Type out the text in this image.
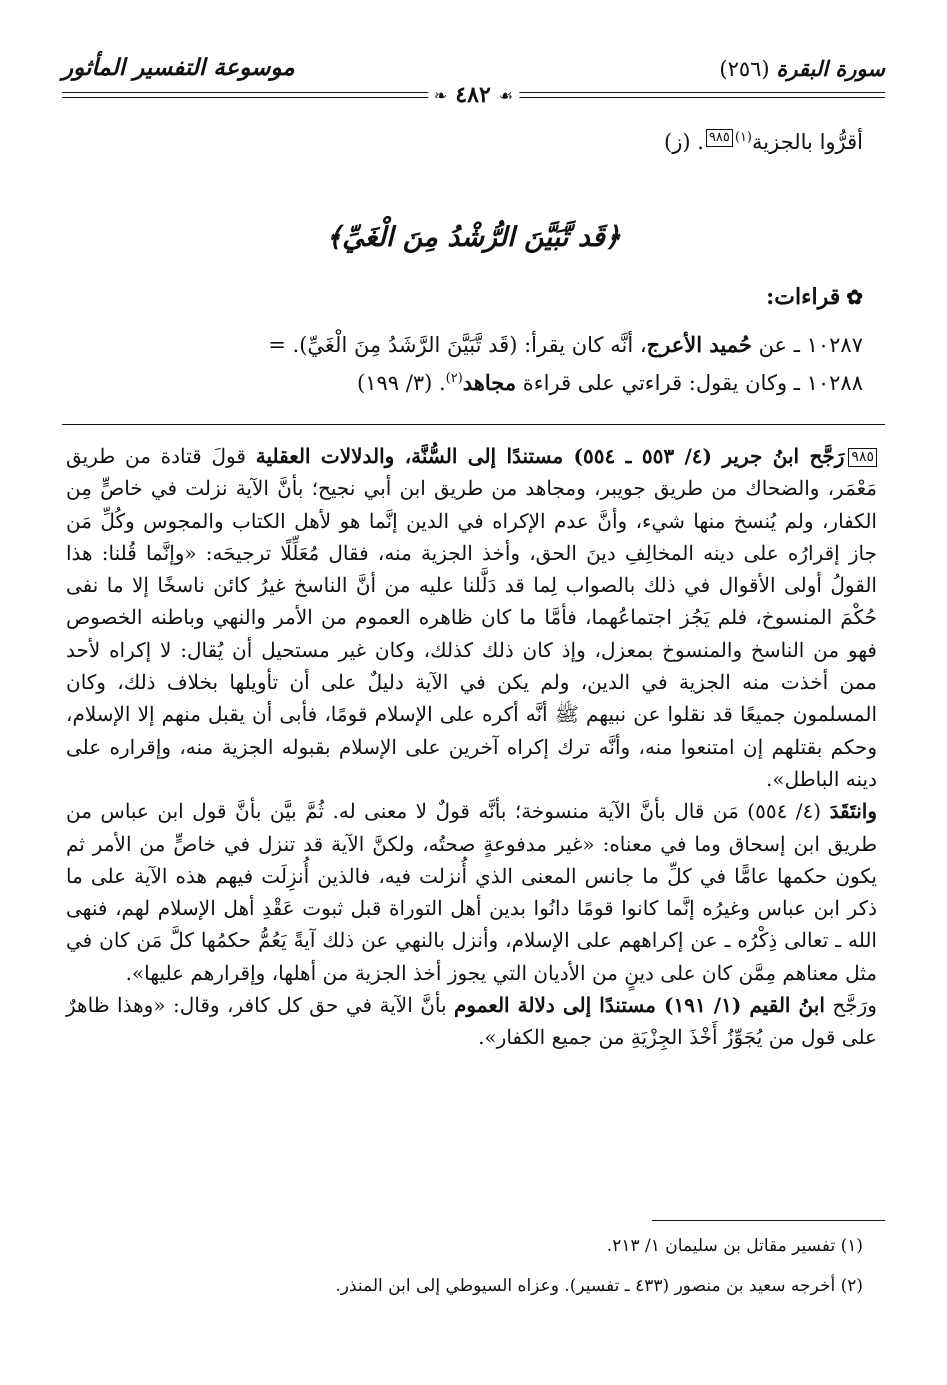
سورة البقرة (٢٥٦)
موسوعة التفسير المأثور
❧ ٤٨٢ ☙
أقرُّوا بالجزية$^{(١)}$٩٨٥. (ز)
﴿قَد تَّبَيَّنَ الرُّشْدُ مِنَ الْغَيِّ﴾
✿
قراءات:
١٠٢٨٧ ـ عن حُميد الأعرج، أنَّه كان يقرأ: (قَد تَّبَيَّنَ الرَّشَدُ مِنَ الْغَيِّ). =
١٠٢٨٨ ـ وكان يقول: قراءتي على قراءة مجاهد$^{(٢)}$. (٣/ ١٩٩)

٩٨٥رَجَّح ابنُ جرير (٤/ ٥٥٣ ـ ٥٥٤) مستندًا إلى السُّنَّة، والدلالات العقلية قولَ قتادة من طريق مَعْمَر، والضحاك من طريق جويبر، ومجاهد من طريق ابن أبي نجيح؛ بأنَّ الآية نزلت في خاصٍّ مِن الكفار، ولم يُنسخ منها شيء، وأنَّ عدم الإكراه في الدين إنَّما هو لأهل الكتاب والمجوس وكُلِّ مَن جاز إقرارُه على دينه المخالِفِ دينَ الحق، وأخذ الجزية منه، فقال مُعَلِّلًا ترجيحَه: «وإنَّما قُلنا: هذا القولُ أولى الأقوال في ذلك بالصواب لِما قد دَلَّلنا عليه من أنَّ الناسخ غيرُ كائن ناسخًا إلا ما نفى حُكْمَ المنسوخ، فلم يَجُز اجتماعُهما، فأمَّا ما كان ظاهره العموم من الأمر والنهي وباطنه الخصوص فهو من الناسخ والمنسوخ بمعزل، وإذ كان ذلك كذلك، وكان غير مستحيل أن يُقال: لا إكراه لأحد ممن أخذت منه الجزية في الدين، ولم يكن في الآية دليلٌ على أن تأويلها بخلاف ذلك، وكان المسلمون جميعًا قد نقلوا عن نبيهم ﷺ أنَّه أكره على الإسلام قومًا، فأبى أن يقبل منهم إلا الإسلام، وحكم بقتلهم إن امتنعوا منه، وأنَّه ترك إكراه آخرين على الإسلام بقبوله الجزية منه، وإقراره على دينه الباطل».

وانتَقَدَ (٤/ ٥٥٤) مَن قال بأنَّ الآية منسوخة؛ بأنَّه قولٌ لا معنى له. ثُمَّ بيَّن بأنَّ قول ابن عباس من طريق ابن إسحاق وما في معناه: «غير مدفوعةٍ صحتُه، ولكنَّ الآية قد تنزل في خاصٍّ من الأمر ثم يكون حكمها عامًّا في كلِّ ما جانس المعنى الذي أُنزلت فيه، فالذين أُنزِلَت فيهم هذه الآية على ما ذكر ابن عباس وغيرُه إنَّما كانوا قومًا دانُوا بدين أهل التوراة قبل ثبوت عَقْدِ أهل الإسلام لهم، فنهى الله ـ تعالى ذِكْرُه ـ عن إكراههم على الإسلام، وأنزل بالنهي عن ذلك آيةً يَعُمُّ حكمُها كلَّ مَن كان في مثل معناهم مِمَّن كان على دينٍ من الأديان التي يجوز أخذ الجزية من أهلها، وإقرارهم عليها».

ورَجَّح ابنُ القيم (١/ ١٩١) مستندًا إلى دلالة العموم بأنَّ الآية في حق كل كافر، وقال: «وهذا ظاهرٌ على قول من يُجَوِّزُ أَخْذَ الجِزْيَةِ من جميع الكفار».

(١) تفسير مقاتل بن سليمان ١/ ٢١٣.
(٢) أخرجه سعيد بن منصور (٤٣٣ ـ تفسير). وعزاه السيوطي إلى ابن المنذر.
